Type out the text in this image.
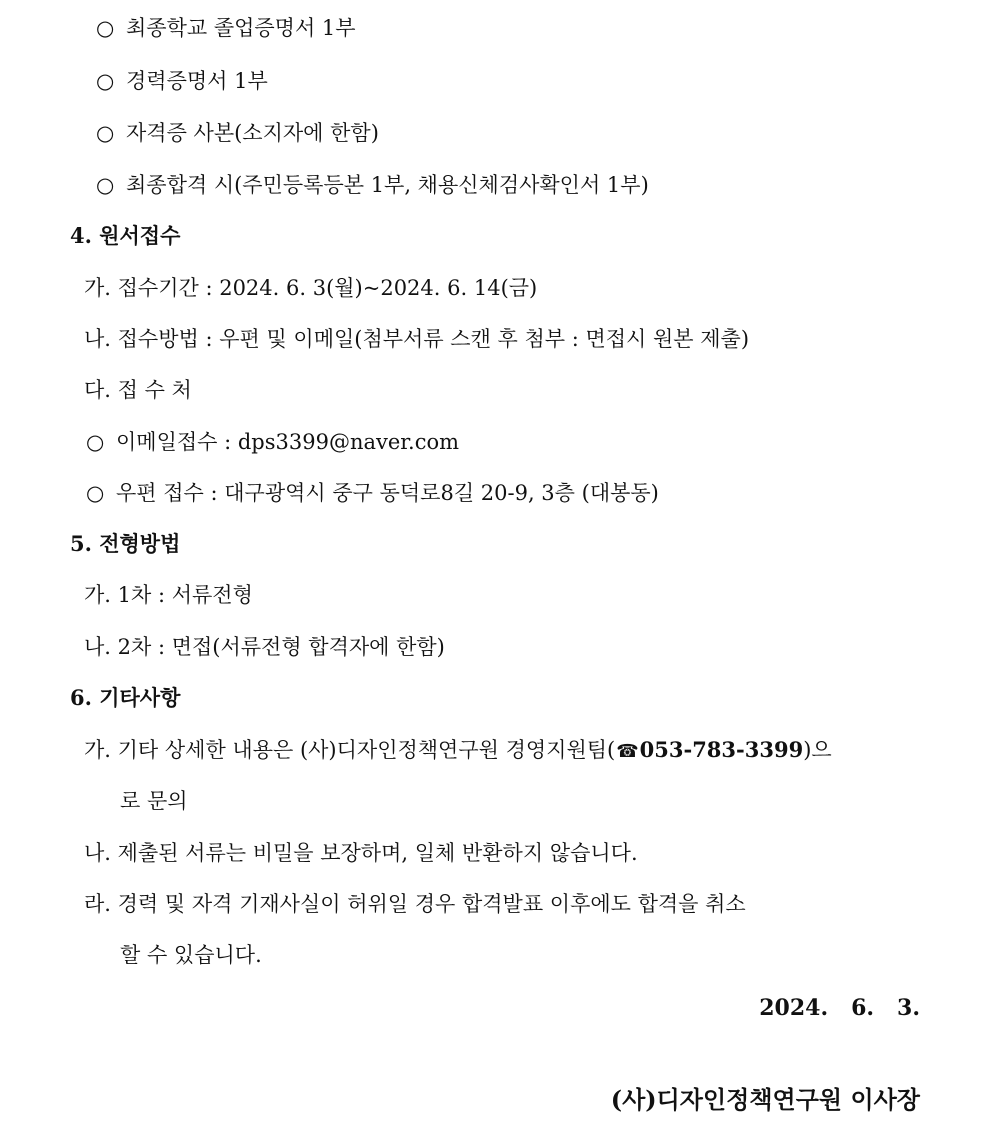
○ 최종학교 졸업증명서 1부
○ 경력증명서 1부
○ 자격증 사본(소지자에 한함)
○ 최종합격 시(주민등록등본 1부, 채용신체검사확인서 1부)
4. 원서접수
가. 접수기간 : 2024. 6. 3(월)~2024. 6. 14(금)
나. 접수방법 : 우편 및 이메일(첨부서류 스캔 후 첨부 : 면접시 원본 제출)
다. 접 수 처
○ 이메일접수 : dps3399@naver.com
○ 우편 접수 : 대구광역시 중구 동덕로8길 20-9, 3층 (대봉동)
5. 전형방법
가. 1차 : 서류전형
나. 2차 : 면접(서류전형 합격자에 한함)
6. 기타사항
가. 기타 상세한 내용은 (사)디자인정책연구원 경영지원팀(☎053-783-3399)으
로 문의
나. 제출된 서류는 비밀을 보장하며, 일체 반환하지 않습니다.
라. 경력 및 자격 기재사실이 허위일 경우 합격발표 이후에도 합격을 취소
할 수 있습니다.
2024.   6.   3.
(사)디자인정책연구원 이사장
